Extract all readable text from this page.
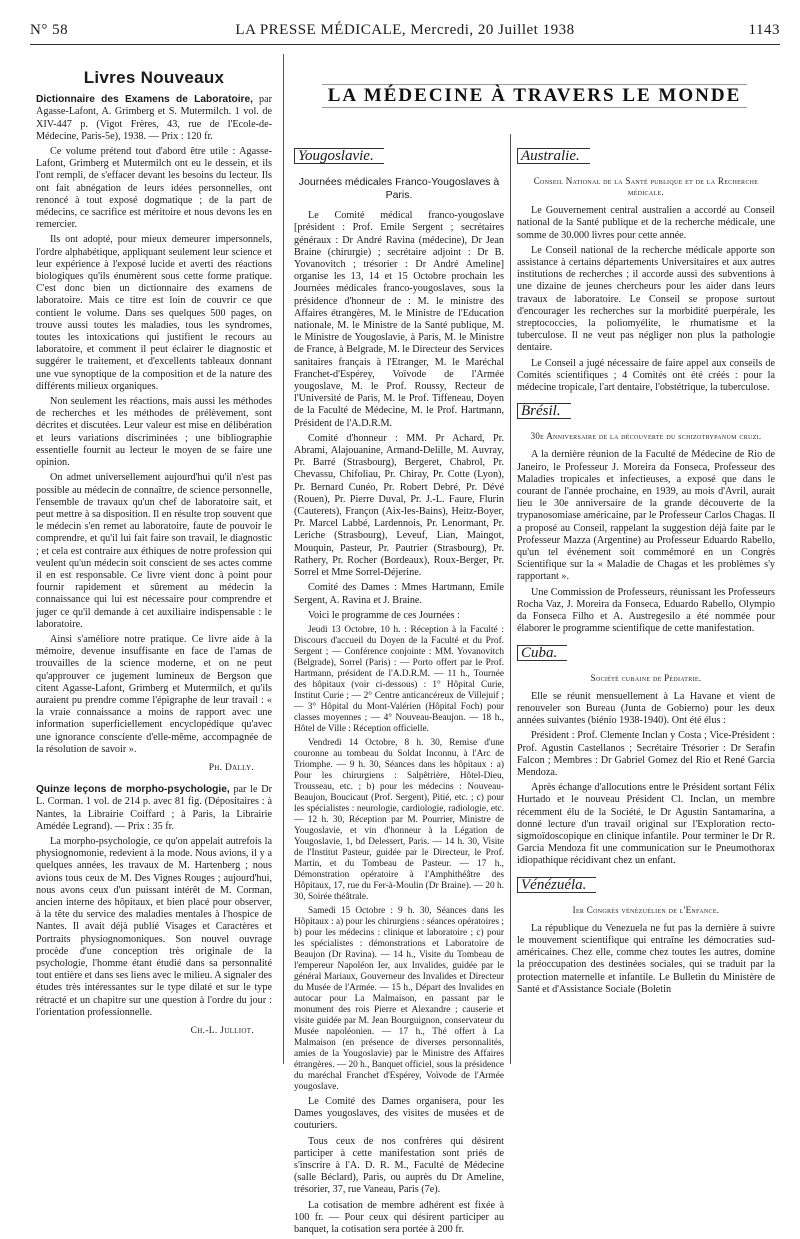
N° 58	LA PRESSE MÉDICALE, Mercredi, 20 Juillet 1938	1143
Livres Nouveaux

Dictionnaire des Examens de Laboratoire, par Agasse-Lafont, A. Grimberg et S. Mutermilch. 1 vol. de XIV-447 p. (Vigot Frères, 43, rue de l'Ecole-de-Médecine, Paris-5e), 1938. — Prix : 120 fr.

Ce volume prétend tout d'abord être utile : Agasse-Lafont, Grimberg et Mutermilch ont eu le dessein, et ils l'ont rempli, de s'effacer devant les besoins du lecteur. Ils ont fait abnégation de leurs idées personnelles, ont renoncé à tout exposé dogmatique ; de la part de médecins, ce sacrifice est méritoire et nous devons les en remercier.

Ils ont adopté, pour mieux demeurer impersonnels, l'ordre alphabétique, appliquant seulement leur science et leur expérience à l'exposé lucide et averti des réactions biologiques qu'ils énumèrent sous cette forme pratique. C'est donc bien un dictionnaire des examens de laboratoire. Mais ce titre est loin de couvrir ce que contient le volume. Dans ses quelques 500 pages, on trouve aussi toutes les maladies, tous les syndromes, toutes les intoxications qui justifient le recours au laboratoire, et comment il peut éclairer le diagnostic et suggérer le traitement, et d'excellents tableaux donnant une vue synoptique de la composition et de la nature des différents milieux organiques.

Non seulement les réactions, mais aussi les méthodes de recherches et les méthodes de prélèvement, sont décrites et discutées. Leur valeur est mise en délibération et leurs variations discriminées ; une bibliographie essentielle fournit au lecteur le moyen de se faire une opinion.

On admet universellement aujourd'hui qu'il n'est pas possible au médecin de connaître, de science personnelle, l'ensemble de travaux qu'un chef de laboratoire sait, et peut mettre à sa disposition. Il en résulte trop souvent que le médecin s'en remet au laboratoire, faute de pouvoir le comprendre, et qu'il lui fait faire son travail, le diagnostic ; et cela est contraire aux éthiques de notre profession qui veulent qu'un médecin soit conscient de ses actes comme il en est responsable. Ce livre vient donc à point pour fournir rapidement et sûrement au médecin la connaissance qui lui est nécessaire pour comprendre et juger ce qu'il demande à cet auxiliaire indispensable : le laboratoire.

Ainsi s'améliore notre pratique. Ce livre aide à la mémoire, devenue insuffisante en face de l'amas de trouvailles de la science moderne, et on ne peut qu'approuver ce jugement lumineux de Bergson que citent Agasse-Lafont, Grimberg et Mutermilch, et qu'ils auraient pu prendre comme l'épigraphe de leur travail : « la vraie connaissance a moins de rapport avec une information superficiellement encyclopédique qu'avec une ignorance consciente d'elle-même, accompagnée de la résolution de savoir ».

Ph. Dally.

Quinze leçons de morpho-psychologie, par le Dr L. Corman. 1 vol. de 214 p. avec 81 fig. (Dépositaires : à Nantes, la Librairie Coiffard ; à Paris, la Librairie Amédée Legrand). — Prix : 35 fr.

La morpho-psychologie, ce qu'on appelait autrefois la physiognomonie, redevient à la mode. Nous avions, il y a quelques années, les travaux de M. Hartenberg ; nous avions tous ceux de M. Des Vignes Rouges ; aujourd'hui, nous avons ceux d'un puissant intérêt de M. Corman, ancien interne des hôpitaux, et bien placé pour observer, à la tête du service des maladies mentales à l'hospice de Nantes. Il avait déjà publié Visages et Caractères et Portraits physiognomoniques. Son nouvel ouvrage procède d'une conception très originale de la psychologie, l'homme étant étudié dans sa personnalité tout entière et dans ses liens avec le milieu. A signaler des études très intéressantes sur le type dilaté et sur le type rétracté et un chapitre sur une question à l'ordre du jour : l'orientation professionnelle.

Ch.-L. Julliot.
LA MÉDECINE À TRAVERS LE MONDE
Yougoslavie.
Journées médicales Franco-Yougoslaves à Paris.

Le Comité médical franco-yougoslave [président : Prof. Emile Sergent ; secrétaires généraux : Dr André Ravina (médecine), Dr Jean Braine (chirurgie) ; secrétaire adjoint : Dr B. Yovanovitch ; trésorier : Dr André Ameline] organise les 13, 14 et 15 Octobre prochain les Journées médicales franco-yougoslaves, sous la présidence d'honneur de : M. le ministre des Affaires étrangères, M. le Ministre de l'Education nationale, M. le Ministre de la Santé publique, M. le Ministre de Yougoslavie, à Paris, M. le Ministre de France, à Belgrade, M. le Directeur des Services sanitaires français à l'Etranger, M. le Maréchal Franchet-d'Espérey, Voïvode de l'Armée yougoslave, M. le Prof. Roussy, Recteur de l'Université de Paris, M. le Prof. Tiffeneau, Doyen de la Faculté de Médecine, M. le Prof. Hartmann, Président de l'A.D.R.M.

Comité d'honneur : MM. Pr Achard, Pr. Abrami, Alajouanine, Armand-Delille, M. Auvray, Pr. Barré (Strasbourg), Bergeret, Chabrol, Pr. Chevassu, Chifoliau, Pr. Chiray, Pr. Cotte (Lyon), Pr. Bernard Cunéo, Pr. Robert Debré, Pr. Dévé (Rouen), Pr. Pierre Duval, Pr. J.-L. Faure, Flurin (Cauterets), Françon (Aix-les-Bains), Heitz-Boyer, Pr. Marcel Labbé, Lardennois, Pr. Lenormant, Pr. Leriche (Strasbourg), Leveuf, Lian, Maingot, Mouquin, Pasteur, Pr. Pautrier (Strasbourg), Pr. Rathery, Pr. Rocher (Bordeaux), Roux-Berger, Pr. Sorrel et Mme Sorrel-Déjerine.

Comité des Dames : Mmes Hartmann, Emile Sergent, A. Ravina et J. Braine.

Voici le programme de ces Journées :

Jeudi 13 Octobre, 10 h. : Réception à la Faculté : Discours d'accueil du Doyen de la Faculté et du Prof. Sergent ; — Conférence conjointe : MM. Yovanovitch (Belgrade), Sorrel (Paris) : — Porto offert par le Prof. Hartmann, président de l'A.D.R.M. — 11 h., Tournée des hôpitaux (voir ci-dessous) : 1° Hôpital Curie, Institut Curie ; — 2° Centre anticancéreux de Villejuif ; — 3° Hôpital du Mont-Valérien (Hôpital Foch) pour classes moyennes ; — 4° Nouveau-Beaujon. — 18 h., Hôtel de Ville : Réception officielle.

Vendredi 14 Octobre, 8 h. 30, Remise d'une couronne au tombeau du Soldat Inconnu, à l'Arc de Triomphe. — 9 h. 30, Séances dans les hôpitaux : a) Pour les chirurgiens : Salpêtrière, Hôtel-Dieu, Trousseau, etc. ; b) pour les médecins : Nouveau-Beaujon, Boucicaut (Prof. Sergent), Pitié, etc. ; c) pour les spécialistes : neurologie, cardiologie, radiologie, etc. — 12 h. 30, Réception par M. Pourrier, Ministre de Yougoslavie, et vin d'honneur à la Légation de Yougoslavie, 1, bd Delessert, Paris. — 14 h. 30, Visite de l'Institut Pasteur, guidée par le Directeur, le Prof. Martin, et du Tombeau de Pasteur. — 17 h., Démonstration opératoire à l'Amphithéâtre des Hôpitaux, 17, rue du Fer-à-Moulin (Dr Braine). — 20 h. 30, Soirée théâtrale.

Samedi 15 Octobre : 9 h. 30, Séances dans les Hôpitaux : a) pour les chirurgiens : séances opératoires ; b) pour les médecins : clinique et laboratoire ; c) pour les spécialistes : démonstrations et Laboratoire de Beaujon (Dr Ravina). — 14 h., Visite du Tombeau de l'empereur Napoléon Ier, aux Invalides, guidée par le général Mariaux, Gouverneur des Invalides et Directeur du Musée de l'Armée. — 15 h., Départ des Invalides en autocar pour La Malmaison, en passant par le monument des rois Pierre et Alexandre ; causerie et visite guidée par M. Jean Bourguignon, conservateur du Musée napoléonien. — 17 h., Thé offert à La Malmaison (en présence de diverses personnalités, amies de la Yougoslavie) par le Ministre des Affaires étrangères. — 20 h., Banquet officiel, sous la présidence du maréchal Franchet d'Espérey, Voïvode de l'Armée yougoslave.

Le Comité des Dames organisera, pour les Dames yougoslaves, des visites de musées et de couturiers.

Tous ceux de nos confrères qui désirent participer à cette manifestation sont priés de s'inscrire à l'A. D. R. M., Faculté de Médecine (salle Béclard), Paris, ou auprès du Dr Ameline, trésorier, 37, rue Vaneau, Paris (7e).

La cotisation de membre adhérent est fixée à 100 fr. — Pour ceux qui désirent participer au banquet, la cotisation sera portée à 200 fr.

Australie.
Conseil National de la Santé publique et de la Recherche médicale.

Le Gouvernement central australien a accordé au Conseil national de la Santé publique et de la recherche médicale, une somme de 30.000 livres pour cette année.

Le Conseil national de la recherche médicale apporte son assistance à certains départements Universitaires et aux autres institutions de recherches ; il accorde aussi des subventions à une dizaine de jeunes chercheurs pour les aider dans leurs travaux de laboratoire. Le Conseil se propose surtout d'encourager les recherches sur la morbidité puerpérale, les streptococcies, la poliomyélite, le rhumatisme et la tuberculose. Il ne veut pas négliger non plus la pathologie dentaire.

Le Conseil a jugé nécessaire de faire appel aux conseils de Comités scientifiques ; 4 Comités ont été créés : pour la médecine tropicale, l'art dentaire, l'obstétrique, la tuberculose.

Brésil.
30e Anniversaire de la découverte du schizotrypanum cruzi.

A la dernière réunion de la Faculté de Médecine de Rio de Janeiro, le Professeur J. Moreira da Fonseca, Professeur des Maladies tropicales et infectieuses, a exposé que dans le courant de l'année prochaine, en 1939, au mois d'Avril, aurait lieu le 30e anniversaire de la grande découverte de la trypanosomiase américaine, par le Professeur Carlos Chagas. Il a proposé au Conseil, rappelant la suggestion déjà faite par le Professeur Mazza (Argentine) au Professeur Eduardo Rabello, qu'un tel événement soit commémoré en un Congrès Scientifique sur la « Maladie de Chagas et les problèmes s'y rapportant ».

Une Commission de Professeurs, réunissant les Professeurs Rocha Vaz, J. Moreira da Fonseca, Eduardo Rabello, Olympio da Fonseca Filho et A. Austregesilo a été nommée pour élaborer le programme scientifique de cette manifestation.

Cuba.
Société cubaine de Pédiatrie.

Elle se réunit mensuellement à La Havane et vient de renouveler son Bureau (Junta de Gobierno) pour les deux années suivantes (biénio 1938-1940). Ont été élus :

Président : Prof. Clemente Inclan y Costa ; Vice-Président : Prof. Agustin Castellanos ; Secrétaire Trésorier : Dr Serafin Falcon ; Membres : Dr Gabriel Gomez del Rio et René Garcia Mendoza.

Après échange d'allocutions entre le Président sortant Félix Hurtado et le nouveau Président Cl. Inclan, un membre récemment élu de la Société, le Dr Agustin Santamarina, a donné lecture d'un travail original sur l'Exploration recto-sigmoïdoscopique en clinique infantile. Pour terminer le Dr R. Garcia Mendoza fit une communication sur le Pneumothorax idiopathique récidivant chez un enfant.

Vénézuéla.
Ier Congrès vénézuélien de l'Enfance.

La république du Venezuela ne fut pas la dernière à suivre le mouvement scientifique qui entraîne les démocraties sud-américaines. Chez elle, comme chez toutes les autres, domine la préoccupation des destinées sociales, qui se traduit par la protection maternelle et infantile. Le Bulletin du Ministère de Santé et d'Assistance Sociale (Boletin
